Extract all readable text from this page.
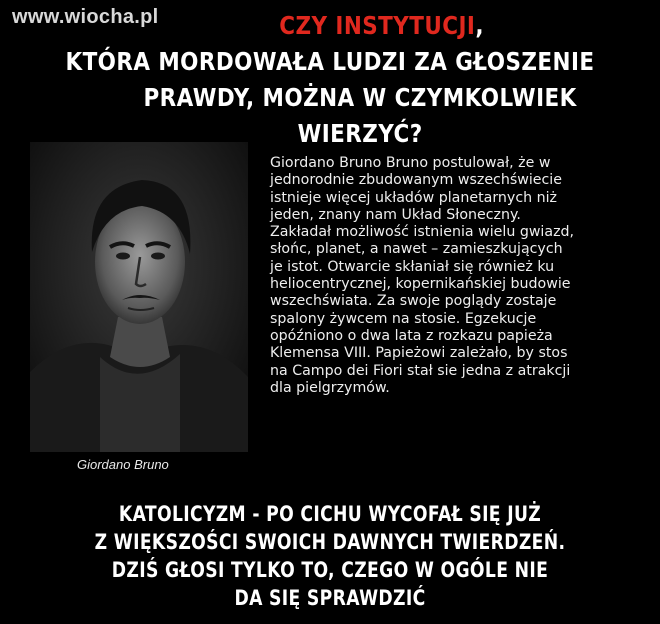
www.wiocha.pl	CZY INSTYTUCJI,
KTÓRA MORDOWAŁA LUDZI ZA GŁOSZENIE
PRAWDY, MOŻNA W CZYMKOLWIEK WIERZYĆ?
Giordano Bruno
Giordano Bruno Bruno postulował, że w
jednorodnie zbudowanym wszechświecie
istnieje więcej układów planetarnych niż
jeden, znany nam Układ Słoneczny.
Zakładał możliwość istnienia wielu gwiazd,
słońc, planet, a nawet – zamieszkujących
je istot. Otwarcie skłaniał się również ku
heliocentrycznej, kopernikańskiej budowie
wszechświata. Za swoje poglądy zostaje
spalony żywcem na stosie. Egzekucje
opóźniono o dwa lata z rozkazu papieża
Klemensa VIII. Papieżowi zależało, by stos
na Campo dei Fiori stał sie jedna z atrakcji
dla pielgrzymów.
KATOLICYZM - PO CICHU WYCOFAŁ SIĘ JUŻ
Z WIĘKSZOŚCI SWOICH DAWNYCH TWIERDZEŃ.
DZIŚ GŁOSI TYLKO TO, CZEGO W OGÓLE NIE
DA SIĘ SPRAWDZIĆ
